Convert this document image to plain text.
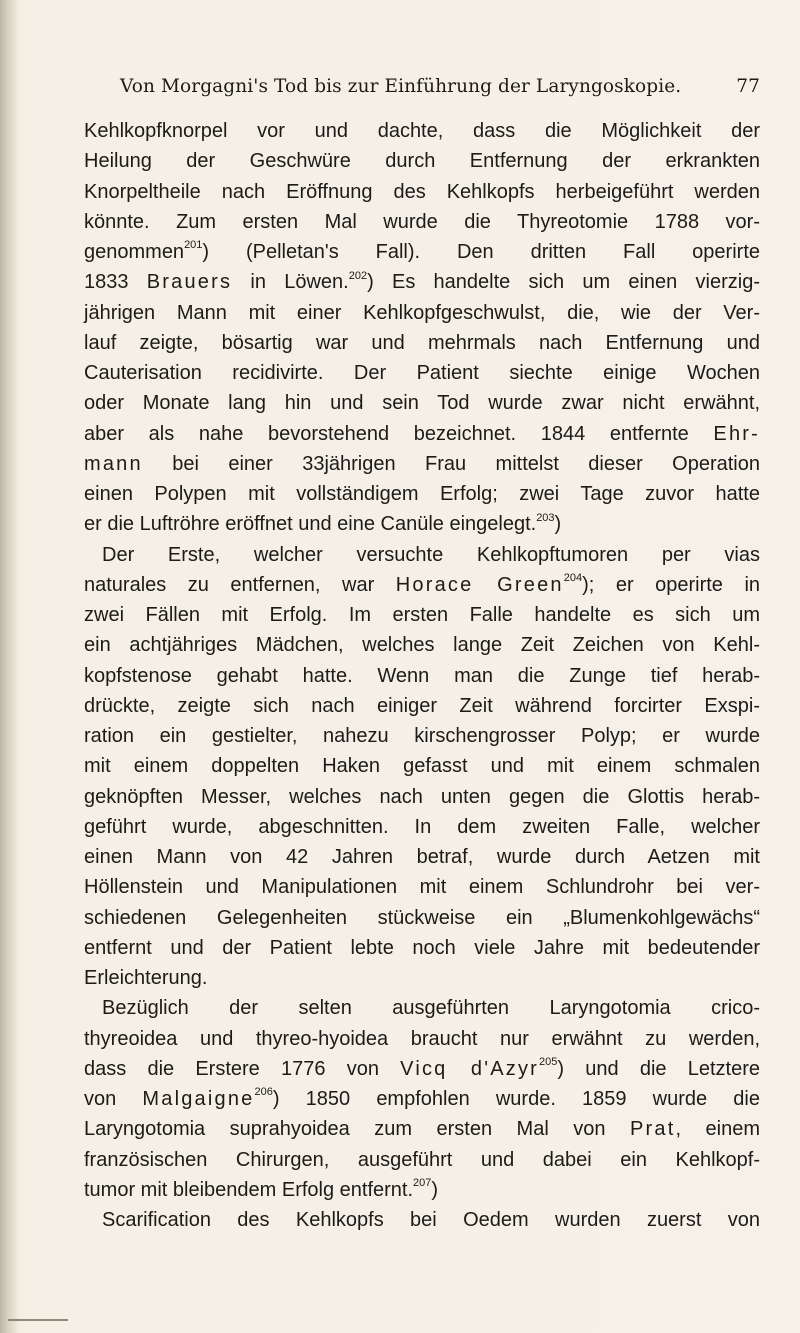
Von Morgagni's Tod bis zur Einführung der Laryngoskopie.	77
Kehlkopfknorpel vor und dachte, dass die Möglichkeit der
Heilung der Geschwüre durch Entfernung der erkrankten
Knorpeltheile nach Eröffnung des Kehlkopfs herbeigeführt werden
könnte. Zum ersten Mal wurde die Thyreotomie 1788 vor-
genommen$^{201}$) (Pelletan's Fall). Den dritten Fall operirte
1833 Brauers in Löwen.$^{202}$) Es handelte sich um einen vierzig-
jährigen Mann mit einer Kehlkopfgeschwulst, die, wie der Ver-
lauf zeigte, bösartig war und mehrmals nach Entfernung und
Cauterisation recidivirte. Der Patient siechte einige Wochen
oder Monate lang hin und sein Tod wurde zwar nicht erwähnt,
aber als nahe bevorstehend bezeichnet. 1844 entfernte Ehr-
mann bei einer 33jährigen Frau mittelst dieser Operation
einen Polypen mit vollständigem Erfolg; zwei Tage zuvor hatte
er die Luftröhre eröffnet und eine Canüle eingelegt.$^{203}$)
Der Erste, welcher versuchte Kehlkopftumoren per vias
naturales zu entfernen, war Horace Green$^{204}$); er operirte in
zwei Fällen mit Erfolg. Im ersten Falle handelte es sich um
ein achtjähriges Mädchen, welches lange Zeit Zeichen von Kehl-
kopfstenose gehabt hatte. Wenn man die Zunge tief herab-
drückte, zeigte sich nach einiger Zeit während forcirter Exspi-
ration ein gestielter, nahezu kirschengrosser Polyp; er wurde
mit einem doppelten Haken gefasst und mit einem schmalen
geknöpften Messer, welches nach unten gegen die Glottis herab-
geführt wurde, abgeschnitten. In dem zweiten Falle, welcher
einen Mann von 42 Jahren betraf, wurde durch Aetzen mit
Höllenstein und Manipulationen mit einem Schlundrohr bei ver-
schiedenen Gelegenheiten stückweise ein „Blumenkohlgewächs“
entfernt und der Patient lebte noch viele Jahre mit bedeutender
Erleichterung.
Bezüglich der selten ausgeführten Laryngotomia crico-
thyreoidea und thyreo-hyoidea braucht nur erwähnt zu werden,
dass die Erstere 1776 von Vicq d'Azyr$^{205}$) und die Letztere
von Malgaigne$^{206}$) 1850 empfohlen wurde. 1859 wurde die
Laryngotomia suprahyoidea zum ersten Mal von Prat, einem
französischen Chirurgen, ausgeführt und dabei ein Kehlkopf-
tumor mit bleibendem Erfolg entfernt.$^{207}$)
Scarification des Kehlkopfs bei Oedem wurden zuerst von
